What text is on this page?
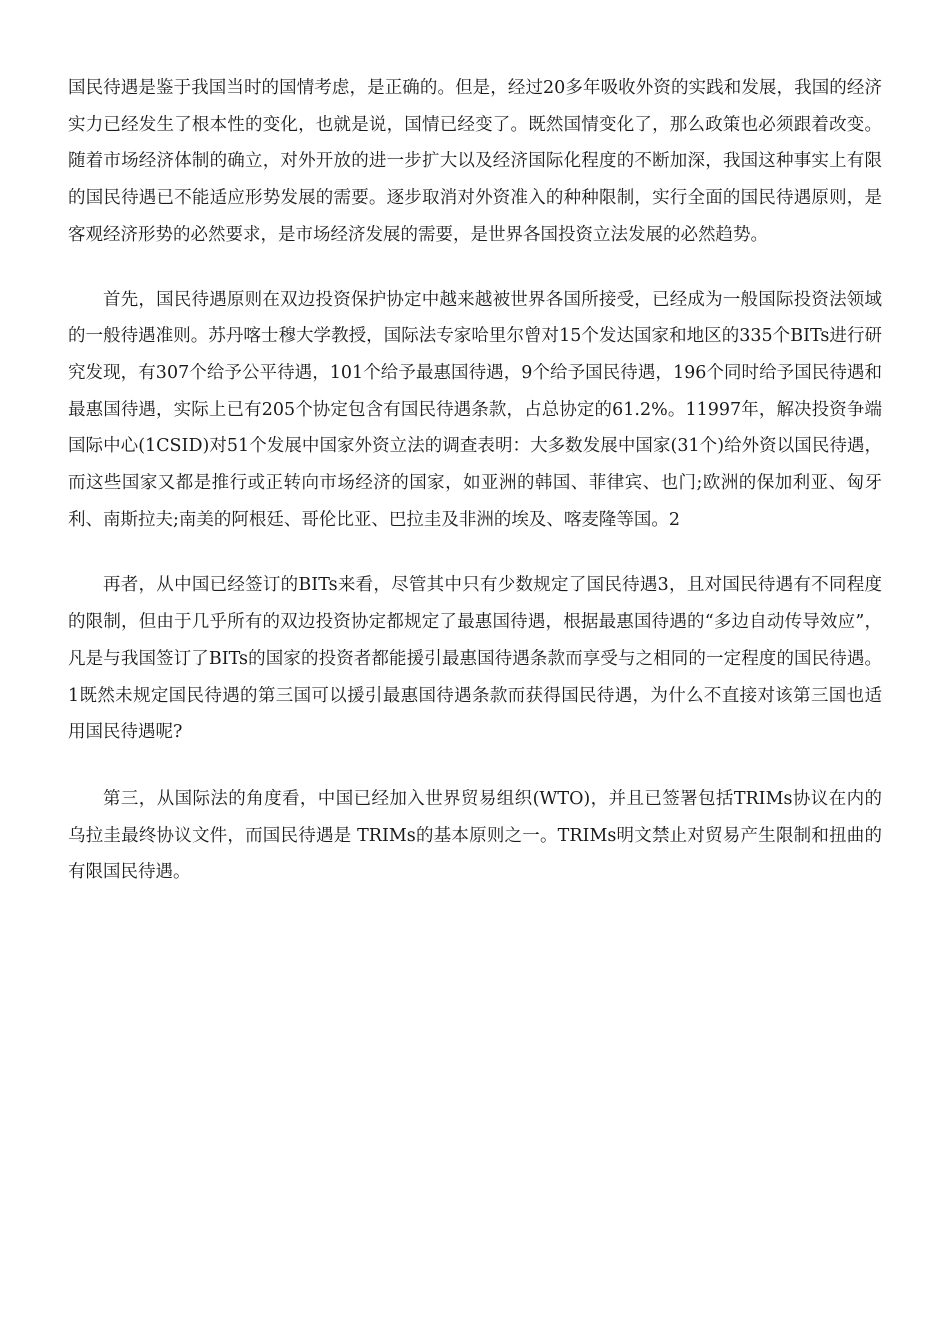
国民待遇是鉴于我国当时的国情考虑，是正确的。但是，经过20多年吸收外资的实践和发展，我国的经济实力已经发生了根本性的变化，也就是说，国情已经变了。既然国情变化了，那么政策也必须跟着改变。随着市场经济体制的确立，对外开放的进一步扩大以及经济国际化程度的不断加深，我国这种事实上有限的国民待遇已不能适应形势发展的需要。逐步取消对外资准入的种种限制，实行全面的国民待遇原则，是客观经济形势的必然要求，是市场经济发展的需要，是世界各国投资立法发展的必然趋势。

首先，国民待遇原则在双边投资保护协定中越来越被世界各国所接受，已经成为一般国际投资法领域的一般待遇准则。苏丹喀士穆大学教授，国际法专家哈里尔曾对15个发达国家和地区的335个BITs进行研究发现，有307个给予公平待遇，101个给予最惠国待遇，9个给予国民待遇，196个同时给予国民待遇和最惠国待遇，实际上已有205个协定包含有国民待遇条款，占总协定的61.2%。11997年，解决投资争端国际中心(1CSID)对51个发展中国家外资立法的调查表明：大多数发展中国家(31个)给外资以国民待遇，而这些国家又都是推行或正转向市场经济的国家，如亚洲的韩国、菲律宾、也门;欧洲的保加利亚、匈牙利、南斯拉夫;南美的阿根廷、哥伦比亚、巴拉圭及非洲的埃及、喀麦隆等国。2

再者，从中国已经签订的BITs来看，尽管其中只有少数规定了国民待遇3，且对国民待遇有不同程度的限制，但由于几乎所有的双边投资协定都规定了最惠国待遇，根据最惠国待遇的“多边自动传导效应”，凡是与我国签订了BITs的国家的投资者都能援引最惠国待遇条款而享受与之相同的一定程度的国民待遇。1既然未规定国民待遇的第三国可以援引最惠国待遇条款而获得国民待遇，为什么不直接对该第三国也适用国民待遇呢?

第三，从国际法的角度看，中国已经加入世界贸易组织(WTO)，并且已签署包括TRIMs协议在内的乌拉圭最终协议文件，而国民待遇是 TRIMs的基本原则之一。TRIMs明文禁止对贸易产生限制和扭曲的有限国民待遇。
